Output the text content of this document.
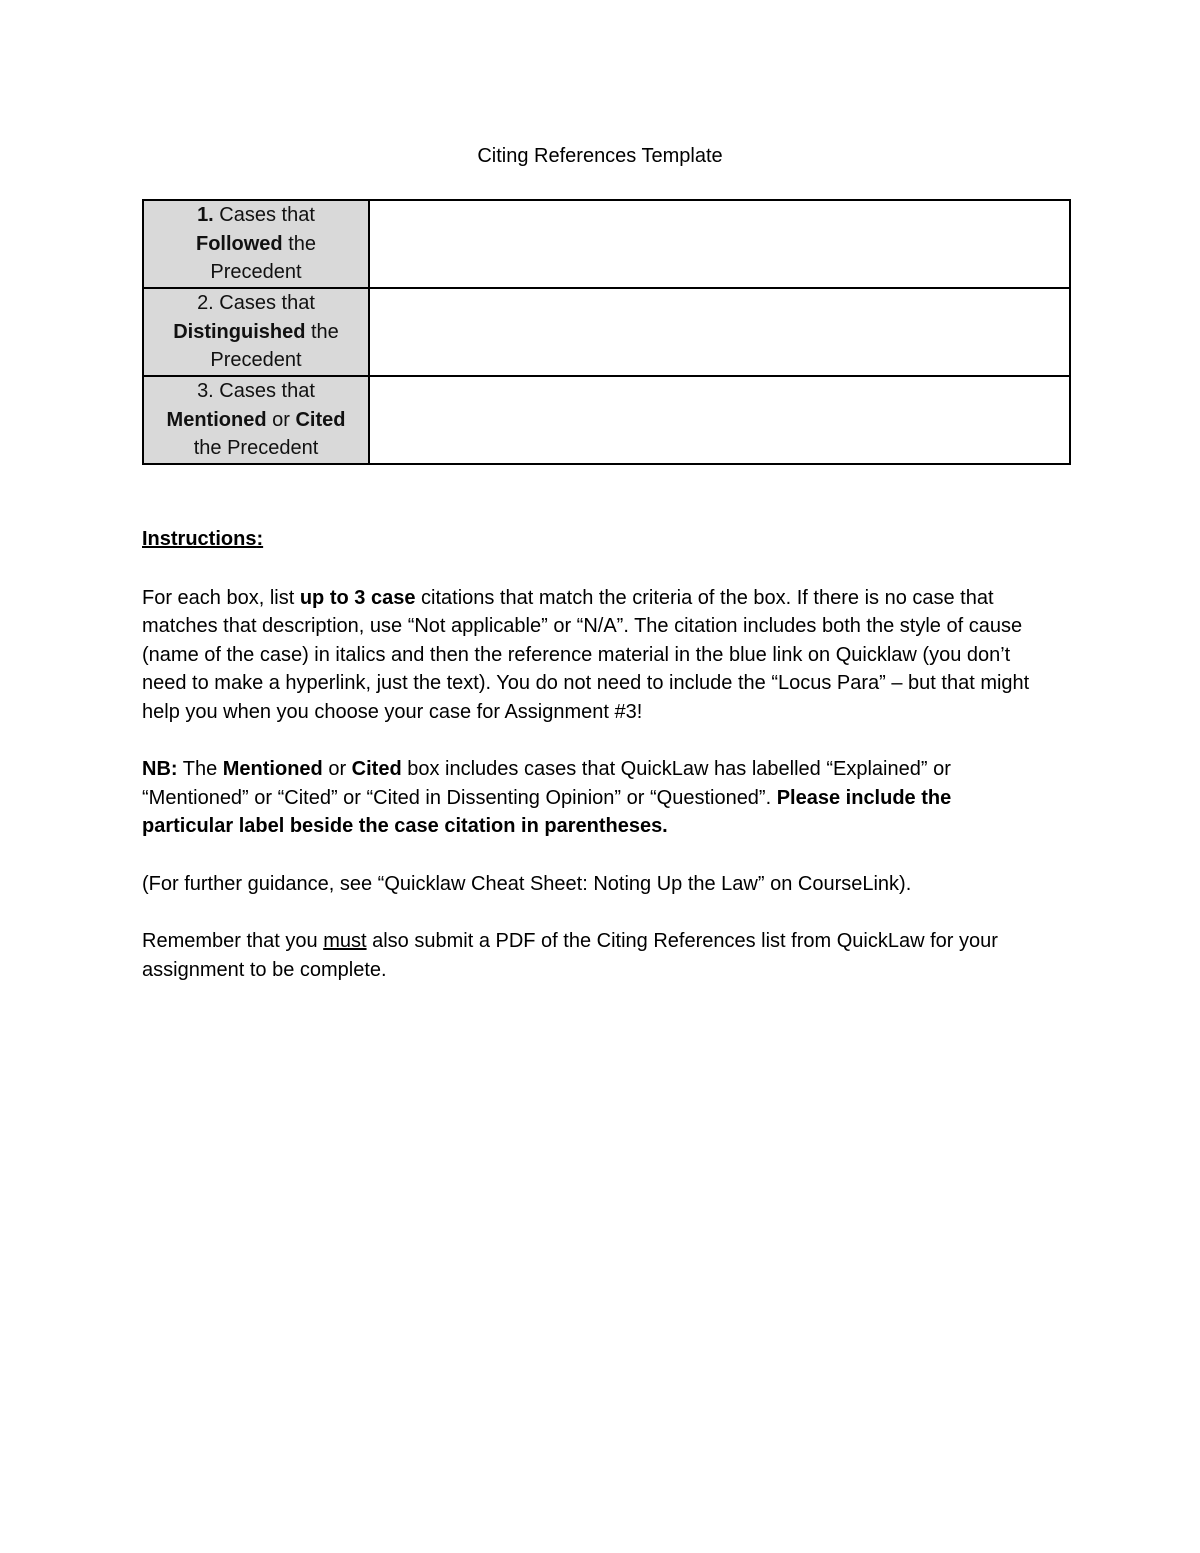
Citing References Template
1. Cases that
Followed the Precedent	

2. Cases that
Distinguished the Precedent	

3. Cases that
Mentioned or Cited the Precedent	

Instructions:

For each box, list up to 3 case citations that match the criteria of the box. If there is no case that matches that description, use “Not applicable” or “N/A”. The citation includes both the style of cause (name of the case) in italics and then the reference material in the blue link on Quicklaw (you don’t need to make a hyperlink, just the text). You do not need to include the “Locus Para” – but that might help you when you choose your case for Assignment #3!

NB: The Mentioned or Cited box includes cases that QuickLaw has labelled “Explained” or “Mentioned” or “Cited” or “Cited in Dissenting Opinion” or “Questioned”. Please include the particular label beside the case citation in parentheses.

(For further guidance, see “Quicklaw Cheat Sheet: Noting Up the Law” on CourseLink).

Remember that you must also submit a PDF of the Citing References list from QuickLaw for your assignment to be complete.
